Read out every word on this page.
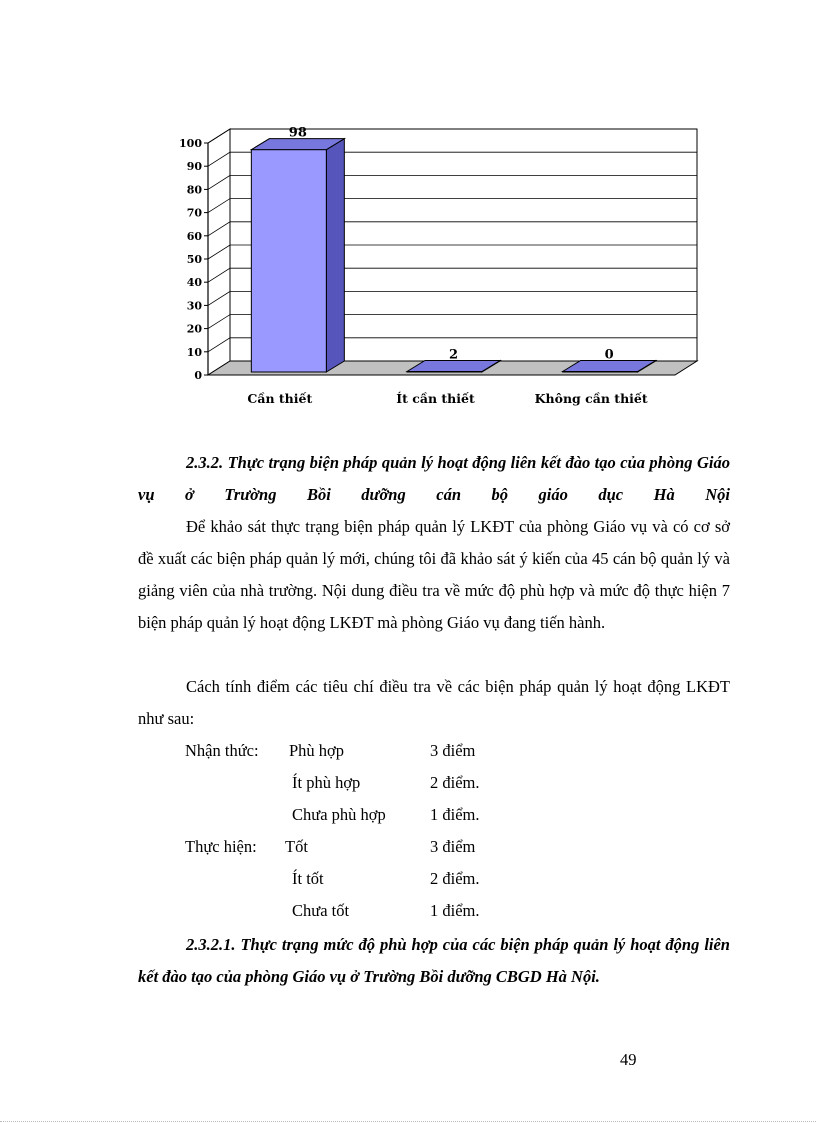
0
10
20
30
40
50
60
70
80
90
100
98
Cần thiết
2
Ít cần thiết
0
Không cần thiết
2.3.2. Thực trạng biện pháp quản lý hoạt động liên kết đào tạo của phòng Giáo vụ ở Trường Bồi dưỡng cán bộ giáo dục Hà Nội
Để khảo sát thực trạng biện pháp quản lý LKĐT của phòng Giáo vụ và có cơ sở đề xuất các biện pháp quản lý mới, chúng tôi đã khảo sát ý kiến của 45 cán bộ quản lý và giảng viên của nhà trường. Nội dung điều tra về mức độ phù hợp và mức độ thực hiện 7 biện pháp quản lý hoạt động LKĐT mà phòng Giáo vụ đang tiến hành.
Cách tính điểm các tiêu chí điều tra về các biện pháp quản lý hoạt động LKĐT như sau:
Nhận thức: Phù hợp	3 điểm
Ít phù hợp	2 điểm.
Chưa phù hợp	1 điểm.
Thực hiện: Tốt	3 điểm
Ít tốt	2 điểm.
Chưa tốt	1 điểm.
2.3.2.1. Thực trạng mức độ phù hợp của các biện pháp quản lý hoạt động liên kết đào tạo của phòng Giáo vụ ở Trường Bồi dưỡng CBGD Hà Nội.
49
